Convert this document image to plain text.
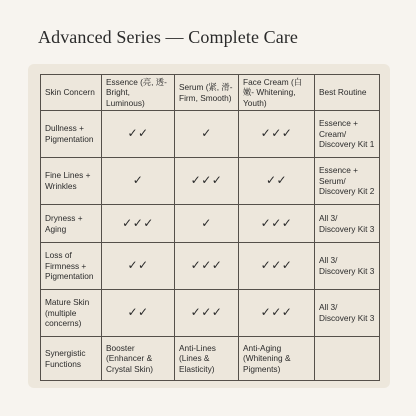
Advanced Series — Complete Care
Skin Concern	Essence (亮, 透- Bright, Luminous)	Serum (紧, 滑- Firm, Smooth)	Face Cream (白嫩- Whitening, Youth)	Best Routine
Dullness + Pigmentation	✓✓	✓	✓✓✓	Essence + Cream/ Discovery Kit 1
Fine Lines + Wrinkles	✓	✓✓✓	✓✓	Essence + Serum/ Discovery Kit 2
Dryness + Aging	✓✓✓	✓	✓✓✓	All 3/ Discovery Kit 3
Loss of Firmness + Pigmentation	✓✓	✓✓✓	✓✓✓	All 3/ Discovery Kit 3
Mature Skin (multiple concerns)	✓✓	✓✓✓	✓✓✓	All 3/ Discovery Kit 3
Synergistic Functions	Booster (Enhancer & Crystal Skin)	Anti-Lines (Lines & Elasticity)	Anti-Aging (Whitening & Pigments)	
